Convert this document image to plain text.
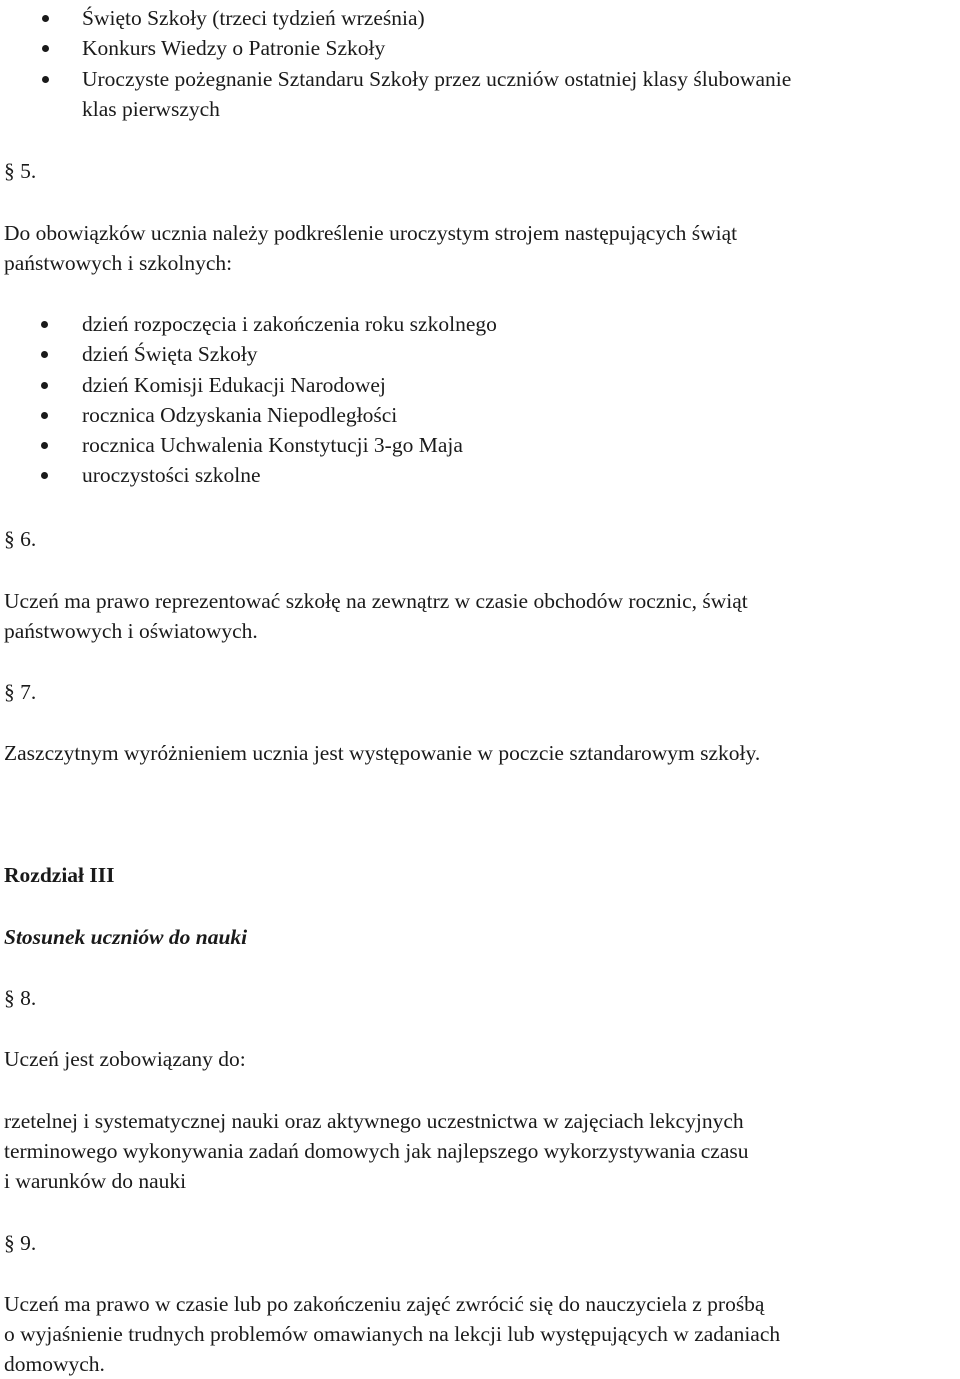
Święto Szkoły (trzeci tydzień września)
Konkurs Wiedzy o Patronie Szkoły
Uroczyste pożegnanie Sztandaru Szkoły przez uczniów ostatniej klasy ślubowanie
klas pierwszych
§ 5.
Do obowiązków ucznia należy podkreślenie uroczystym strojem następujących świąt
państwowych i szkolnych:
dzień rozpoczęcia i zakończenia roku szkolnego
dzień Święta Szkoły
dzień Komisji Edukacji Narodowej
rocznica Odzyskania Niepodległości
rocznica Uchwalenia Konstytucji 3-go Maja
uroczystości szkolne
§ 6.
Uczeń ma prawo reprezentować szkołę na zewnątrz w czasie obchodów rocznic, świąt
państwowych i oświatowych.
§ 7.
Zaszczytnym wyróżnieniem ucznia jest występowanie w poczcie sztandarowym szkoły.
Rozdział III
Stosunek uczniów do nauki
§ 8.
Uczeń jest zobowiązany do:
rzetelnej i systematycznej nauki oraz aktywnego uczestnictwa w zajęciach lekcyjnych
terminowego wykonywania zadań domowych jak najlepszego wykorzystywania czasu
i warunków do nauki
§ 9.
Uczeń ma prawo w czasie lub po zakończeniu zajęć zwrócić się do nauczyciela z prośbą
o wyjaśnienie trudnych problemów omawianych na lekcji lub występujących w zadaniach
domowych.
